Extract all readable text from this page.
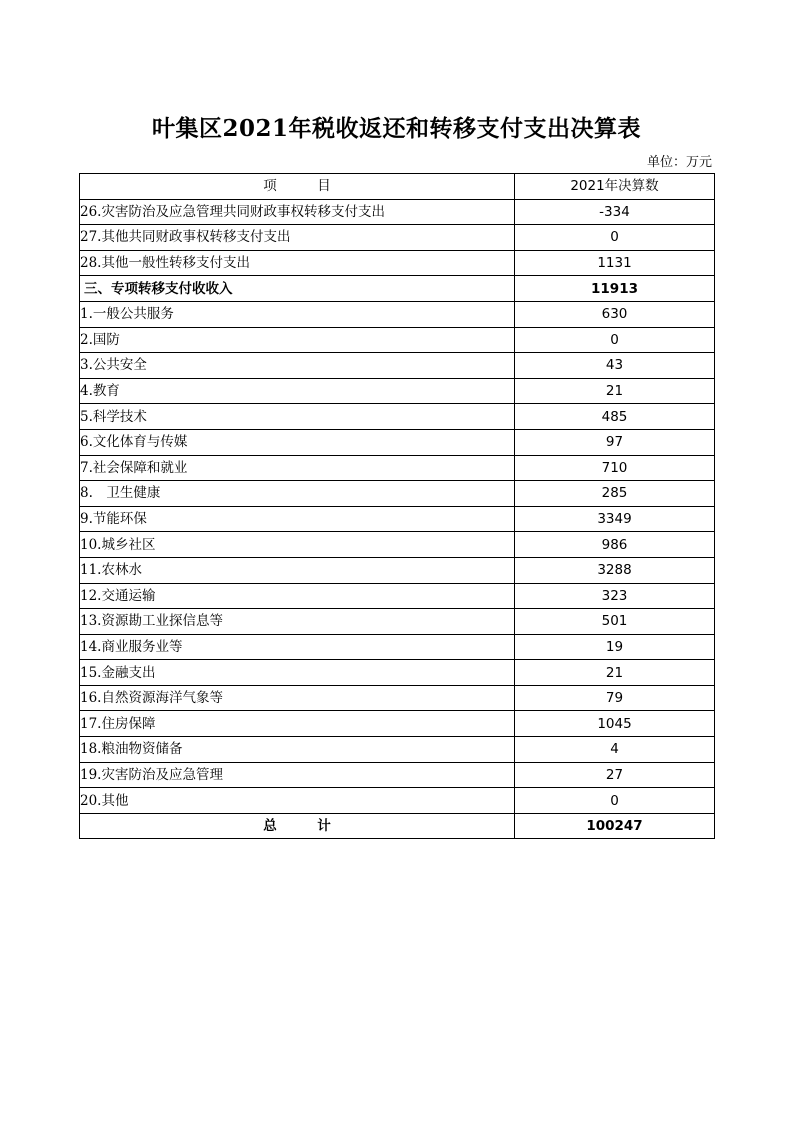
叶集区2021年税收返还和转移支付支出决算表
单位：万元
项　　　目	2021年决算数
26.灾害防治及应急管理共同财政事权转移支付支出	-334
27.其他共同财政事权转移支付支出	0
28.其他一般性转移支付支出	1131
三、专项转移支付收收入	11913
1.一般公共服务	630
2.国防	0
3.公共安全	43
4.教育	21
5.科学技术	485
6.文化体育与传媒	97
7.社会保障和就业	710
8.　卫生健康	285
9.节能环保	3349
10.城乡社区	986
11.农林水	3288
12.交通运输	323
13.资源勘工业探信息等	501
14.商业服务业等	19
15.金融支出	21
16.自然资源海洋气象等	79
17.住房保障	1045
18.粮油物资储备	4
19.灾害防治及应急管理	27
20.其他	0
总　　　计	100247
